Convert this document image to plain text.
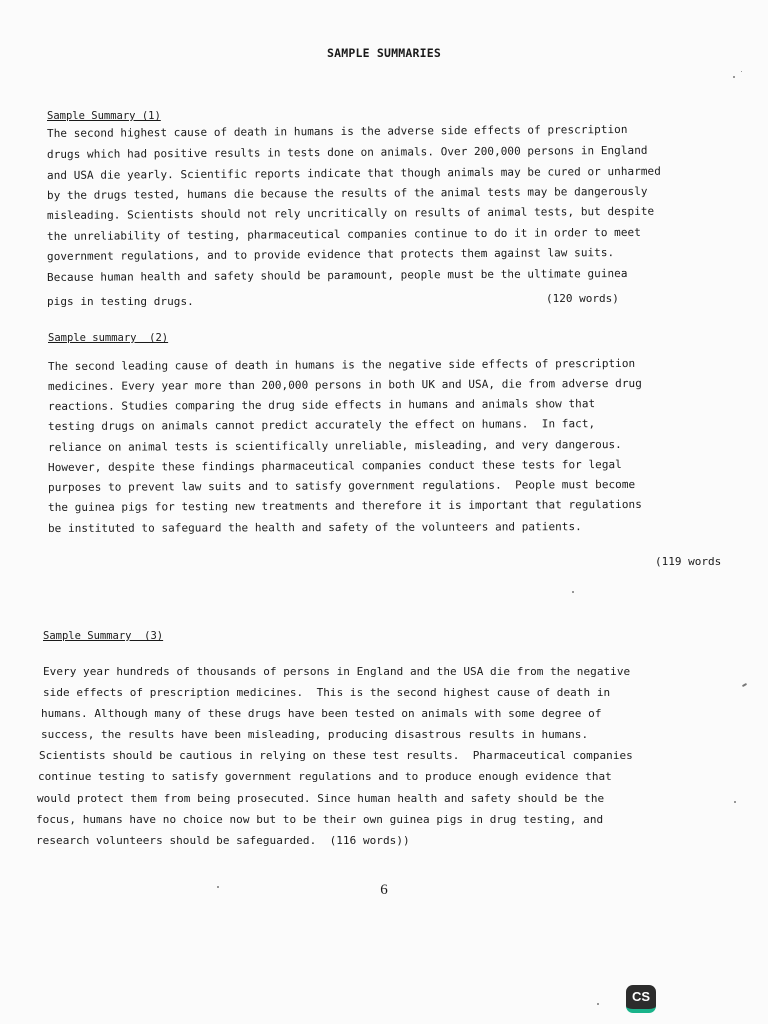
SAMPLE SUMMARIES
Sample Summary (1)
The second highest cause of death in humans is the adverse side effects of prescription
drugs which had positive results in tests done on animals. Over 200,000 persons in England
and USA die yearly. Scientific reports indicate that though animals may be cured or unharmed
by the drugs tested, humans die because the results of the animal tests may be dangerously
misleading. Scientists should not rely uncritically on results of animal tests, but despite
the unreliability of testing, pharmaceutical companies continue to do it in order to meet
government regulations, and to provide evidence that protects them against law suits.
Because human health and safety should be paramount, people must be the ultimate guinea
pigs in testing drugs.	(120 words)
Sample summary  (2)
The second leading cause of death in humans is the negative side effects of prescription
medicines. Every year more than 200,000 persons in both UK and USA, die from adverse drug
reactions. Studies comparing the drug side effects in humans and animals show that
testing drugs on animals cannot predict accurately the effect on humans.  In fact,
reliance on animal tests is scientifically unreliable, misleading, and very dangerous.
However, despite these findings pharmaceutical companies conduct these tests for legal
purposes to prevent law suits and to satisfy government regulations.  People must become
the guinea pigs for testing new treatments and therefore it is important that regulations
be instituted to safeguard the health and safety of the volunteers and patients.
(119 words
Sample Summary  (3)
Every year hundreds of thousands of persons in England and the USA die from the negative
side effects of prescription medicines.  This is the second highest cause of death in
humans. Although many of these drugs have been tested on animals with some degree of
success, the results have been misleading, producing disastrous results in humans.
Scientists should be cautious in relying on these test results.  Pharmaceutical companies
continue testing to satisfy government regulations and to produce enough evidence that
would protect them from being prosecuted. Since human health and safety should be the
focus, humans have no choice now but to be their own guinea pigs in drug testing, and
research volunteers should be safeguarded.  (116 words))
6
CS
